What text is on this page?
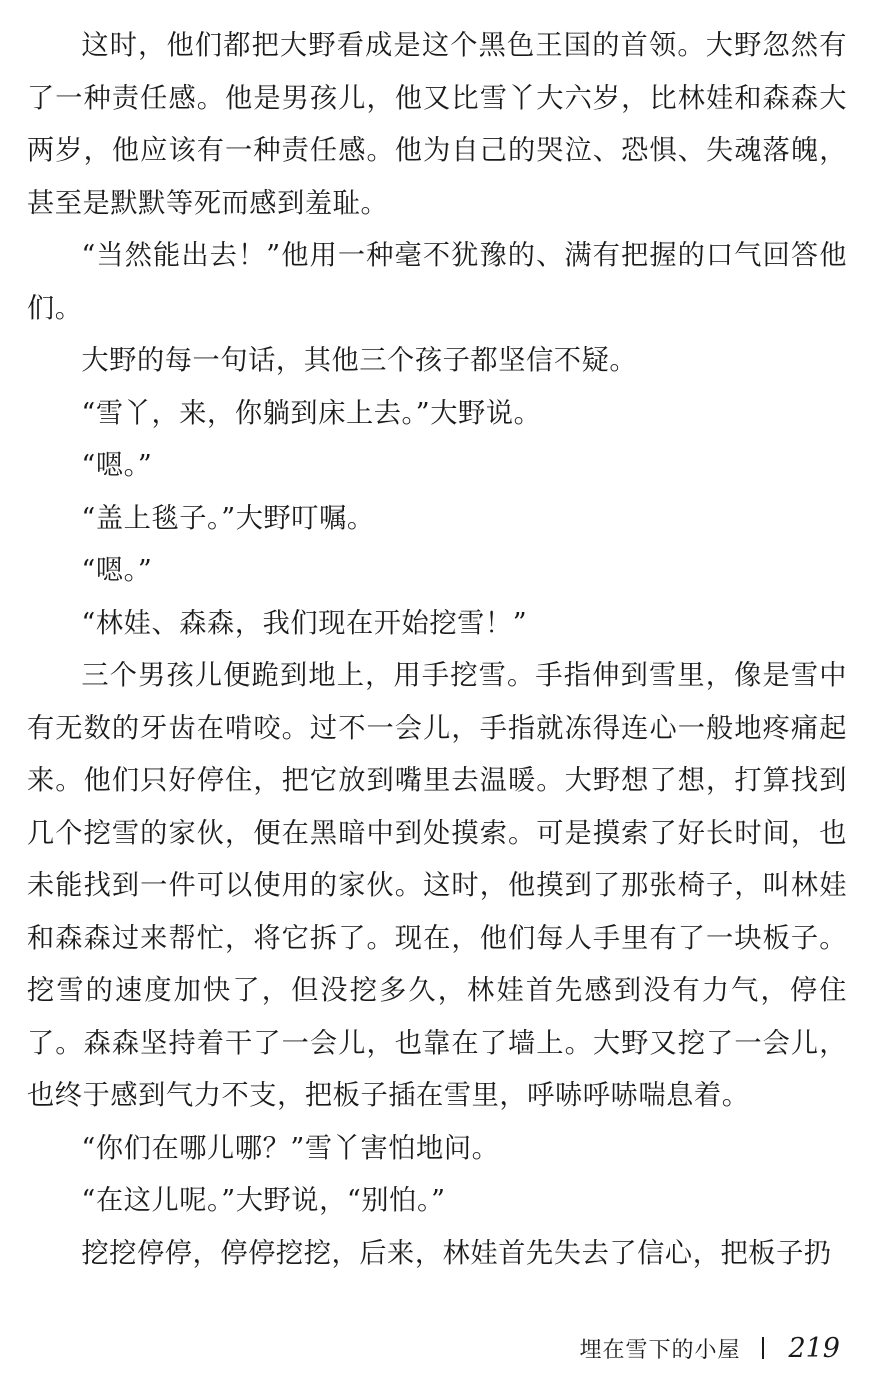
这时，他们都把大野看成是这个黑色王国的首领。大野忽然有了一种责任感。他是男孩儿，他又比雪丫大六岁，比林娃和森森大两岁，他应该有一种责任感。他为自己的哭泣、恐惧、失魂落魄，甚至是默默等死而感到羞耻。

“当然能出去！”他用一种毫不犹豫的、满有把握的口气回答他们。

大野的每一句话，其他三个孩子都坚信不疑。

“雪丫，来，你躺到床上去。”大野说。

“嗯。”

“盖上毯子。”大野叮嘱。

“嗯。”

“林娃、森森，我们现在开始挖雪！”

三个男孩儿便跪到地上，用手挖雪。手指伸到雪里，像是雪中有无数的牙齿在啃咬。过不一会儿，手指就冻得连心一般地疼痛起来。他们只好停住，把它放到嘴里去温暖。大野想了想，打算找到几个挖雪的家伙，便在黑暗中到处摸索。可是摸索了好长时间，也未能找到一件可以使用的家伙。这时，他摸到了那张椅子，叫林娃和森森过来帮忙，将它拆了。现在，他们每人手里有了一块板子。挖雪的速度加快了，但没挖多久，林娃首先感到没有力气，停住了。森森坚持着干了一会儿，也靠在了墙上。大野又挖了一会儿，也终于感到气力不支，把板子插在雪里，呼哧呼哧喘息着。

“你们在哪儿哪？”雪丫害怕地问。

“在这儿呢。”大野说，“别怕。”

挖挖停停，停停挖挖，后来，林娃首先失去了信心，把板子扔

埋在雪下的小屋 219
